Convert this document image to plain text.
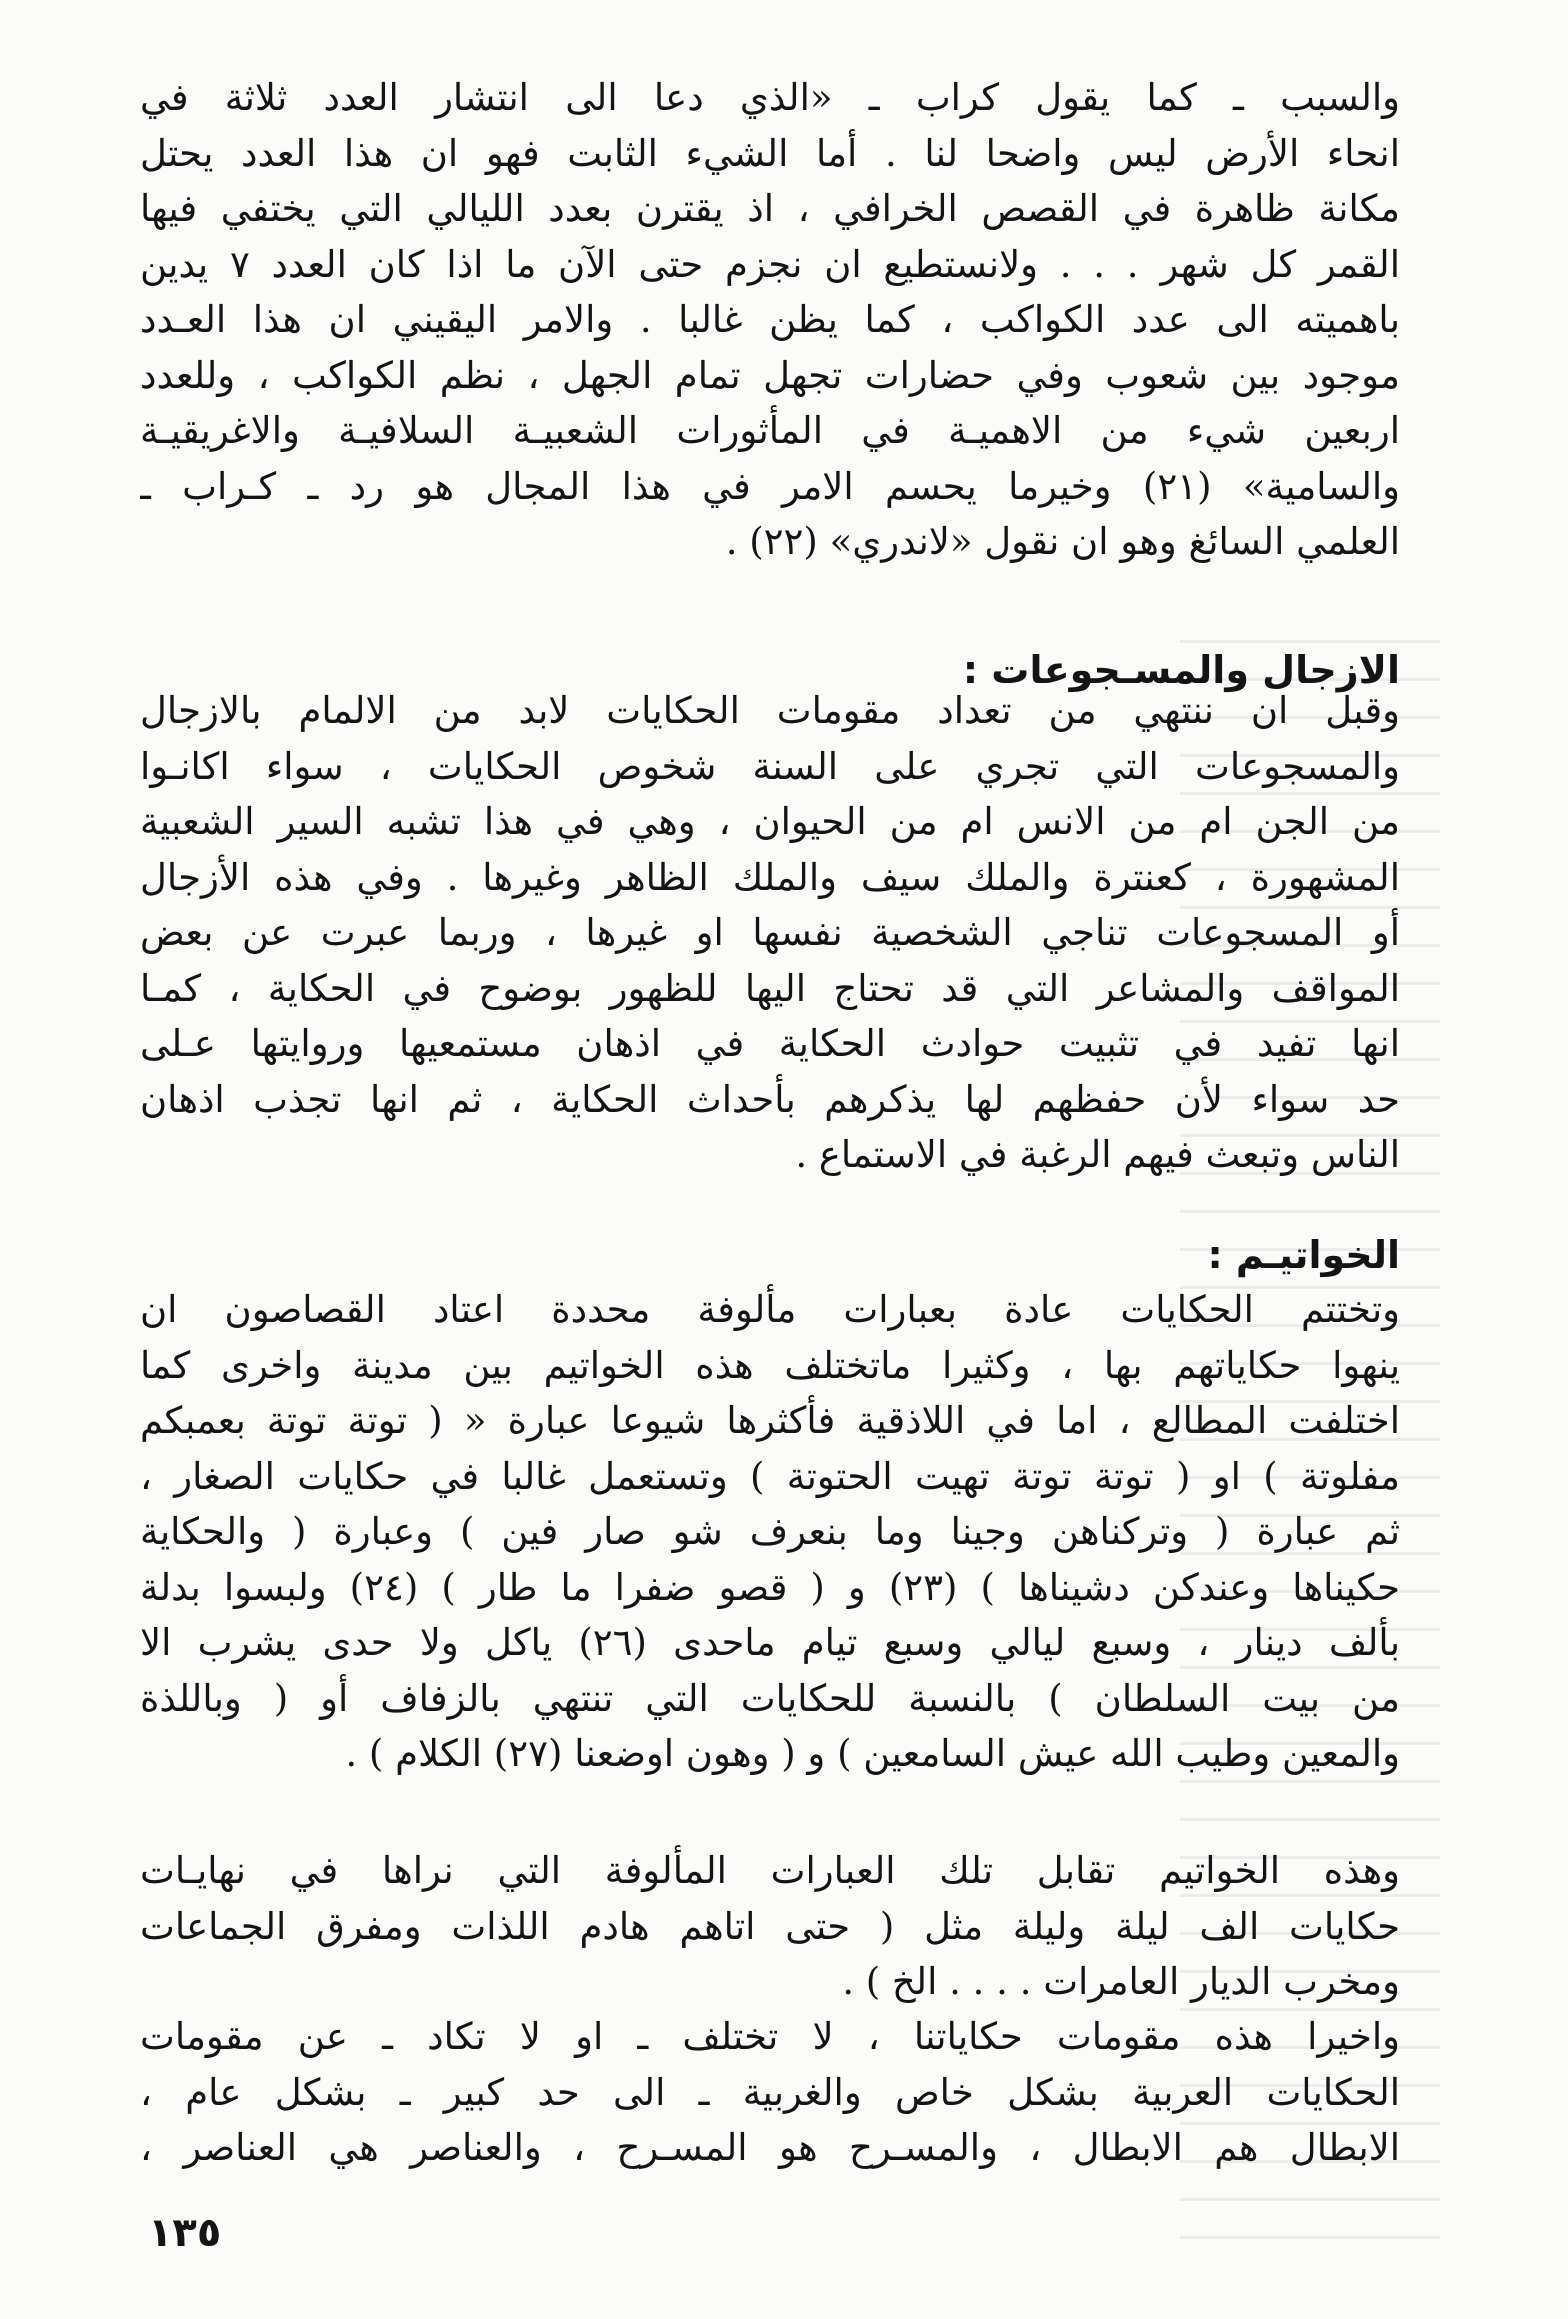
والسبب ـ كما يقول كراب ـ «الذي دعا الى انتشار العدد ثلاثة في
انحاء الأرض ليس واضحا لنا . أما الشيء الثابت فهو ان هذا العدد يحتل
مكانة ظاهرة في القصص الخرافي ، اذ يقترن بعدد الليالي التي يختفي فيها
القمر كل شهر . . . ولانستطيع ان نجزم حتى الآن ما اذا كان العدد ٧ يدين
باهميته الى عدد الكواكب ، كما يظن غالبا . والامر اليقيني ان هذا العـدد
موجود بين شعوب وفي حضارات تجهل تمام الجهل ، نظم الكواكب ، وللعدد
اربعين شيء من الاهميـة في المأثورات الشعبيـة السلافيـة والاغريقيـة
والسامية» (٢١) وخيرما يحسم الامر في هذا المجال هو رد ـ كـراب ـ
العلمي السائغ وهو ان نقول «لاندري» (٢٢) .
الازجال والمسـجوعات :
وقبل ان ننتهي من تعداد مقومات الحكايات لابد من الالمام بالازجال
والمسجوعات التي تجري على السنة شخوص الحكايات ، سواء اكانـوا
من الجن ام من الانس ام من الحيوان ، وهي في هذا تشبه السير الشعبية
المشهورة ، كعنترة والملك سيف والملك الظاهر وغيرها . وفي هذه الأزجال
أو المسجوعات تناجي الشخصية نفسها او غيرها ، وربما عبرت عن بعض
المواقف والمشاعر التي قد تحتاج اليها للظهور بوضوح في الحكاية ، كمـا
انها تفيد في تثبيت حوادث الحكاية في اذهان مستمعيها وروايتها عـلى
حد سواء لأن حفظهم لها يذكرهم بأحداث الحكاية ، ثم انها تجذب اذهان
الناس وتبعث فيهم الرغبة في الاستماع .
الخواتيـم :
وتختتم الحكايات عادة بعبارات مألوفة محددة اعتاد القصاصون ان
ينهوا حكاياتهم بها ، وكثيرا ماتختلف هذه الخواتيم بين مدينة واخرى كما
اختلفت المطالع ، اما في اللاذقية فأكثرها شيوعا عبارة « ( توتة توتة بعمبكم
مفلوتة ) او ( توتة توتة تهيت الحتوتة ) وتستعمل غالبا في حكايات الصغار ،
ثم عبارة ( وتركناهن وجينا وما بنعرف شو صار فين ) وعبارة ( والحكاية
حكيناها وعندكن دشيناها ) (٢٣) و ( قصو ضفرا ما طار ) (٢٤) ولبسوا بدلة
بألف دينار ، وسبع ليالي وسبع تيام ماحدى (٢٦) ياكل ولا حدى يشرب الا
من بيت السلطان ) بالنسبة للحكايات التي تنتهي بالزفاف أو ( وباللذة
والمعين وطيب الله عيش السامعين ) و ( وهون اوضعنا (٢٧) الكلام ) .
وهذه الخواتيم تقابل تلك العبارات المألوفة التي نراها في نهايـات
حكايات الف ليلة وليلة مثل ( حتى اتاهم هادم اللذات ومفرق الجماعات
ومخرب الديار العامرات . . . . الخ ) .
واخيرا هذه مقومات حكاياتنا ، لا تختلف ـ او لا تكاد ـ عن مقومات
الحكايات العربية بشكل خاص والغربية ـ الى حد كبير ـ بشكل عام ،
الابطال هم الابطال ، والمسـرح هو المسـرح ، والعناصر هي العناصر ،
١٣٥
